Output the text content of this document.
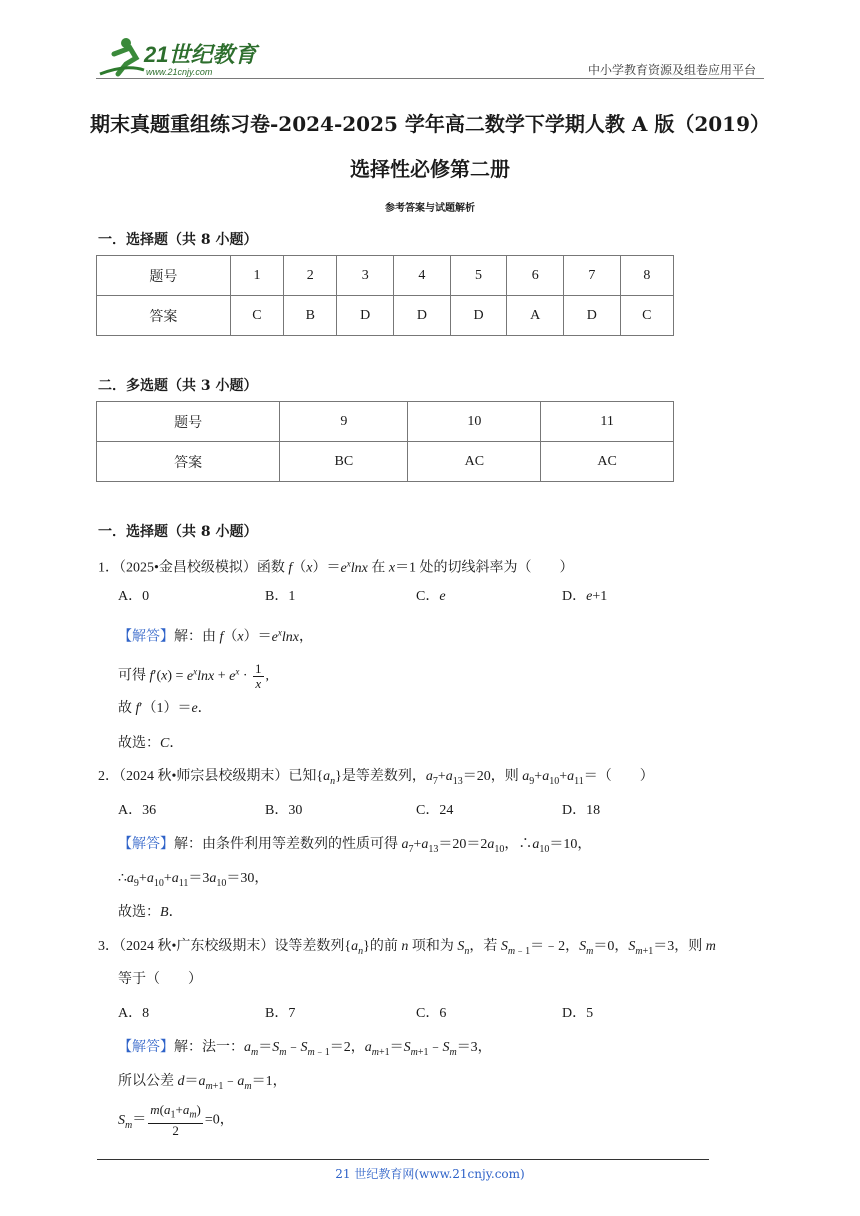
21世纪教育
www.21cnjy.com	中小学教育资源及组卷应用平台
期末真题重组练习卷-2024-2025 学年高二数学下学期人教 A 版（2019）
选择性必修第二册
参考答案与试题解析
一．选择题（共 8 小题）
题号	1	2	3	4	5	6	7	8
答案	C	B	D	D	D	A	D	C
二．多选题（共 3 小题）
题号	9	10	11
答案	BC	AC	AC
一．选择题（共 8 小题）
1．（2025•金昌校级模拟）函数 $f(x)=e^x\ln x$ 在 x＝1 处的切线斜率为（　　）
A．0	B．1	C．e	D．e+1
【解答】解：由 $f(x)=e^x\ln x$，
可得 $f'(x) = e^x\ln x + e^x \cdot \frac{1}{x}$ ,
故 f′（1）＝e．
故选：C．
2．（2024 秋•师宗县校级期末）已知$\{a_n\}$是等差数列，$a_7+a_{13}=20$，则 $a_9+a_{10}+a_{11}=$（　　）
A．36	B．30	C．24	D．18
【解答】解：由条件利用等差数列的性质可得 $a_7+a_{13}=20=2a_{10}$，$\therefore a_{10}=10$，
$\therefore a_9+a_{10}+a_{11}=3a_{10}=30$，
故选：B．
3．（2024 秋•广东校级期末）设等差数列$\{a_n\}$的前 n 项和为 $S_n$，若 $S_{m﹣1}=﹣2$，$S_m=0$，$S_{m+1}=3$，则 m
等于（　　）
A．8	B．7	C．6	D．5
【解答】解：法一：$a_m=S_m﹣S_{m﹣1}=2$，$a_{m+1}=S_{m+1}﹣S_m=3$，
所以公差 $d=a_{m+1}﹣a_m=1$，
$S_m= \frac{m(a_1+a_m)}{2} =0$，
21 世纪教育网(www.21cnjy.com)
